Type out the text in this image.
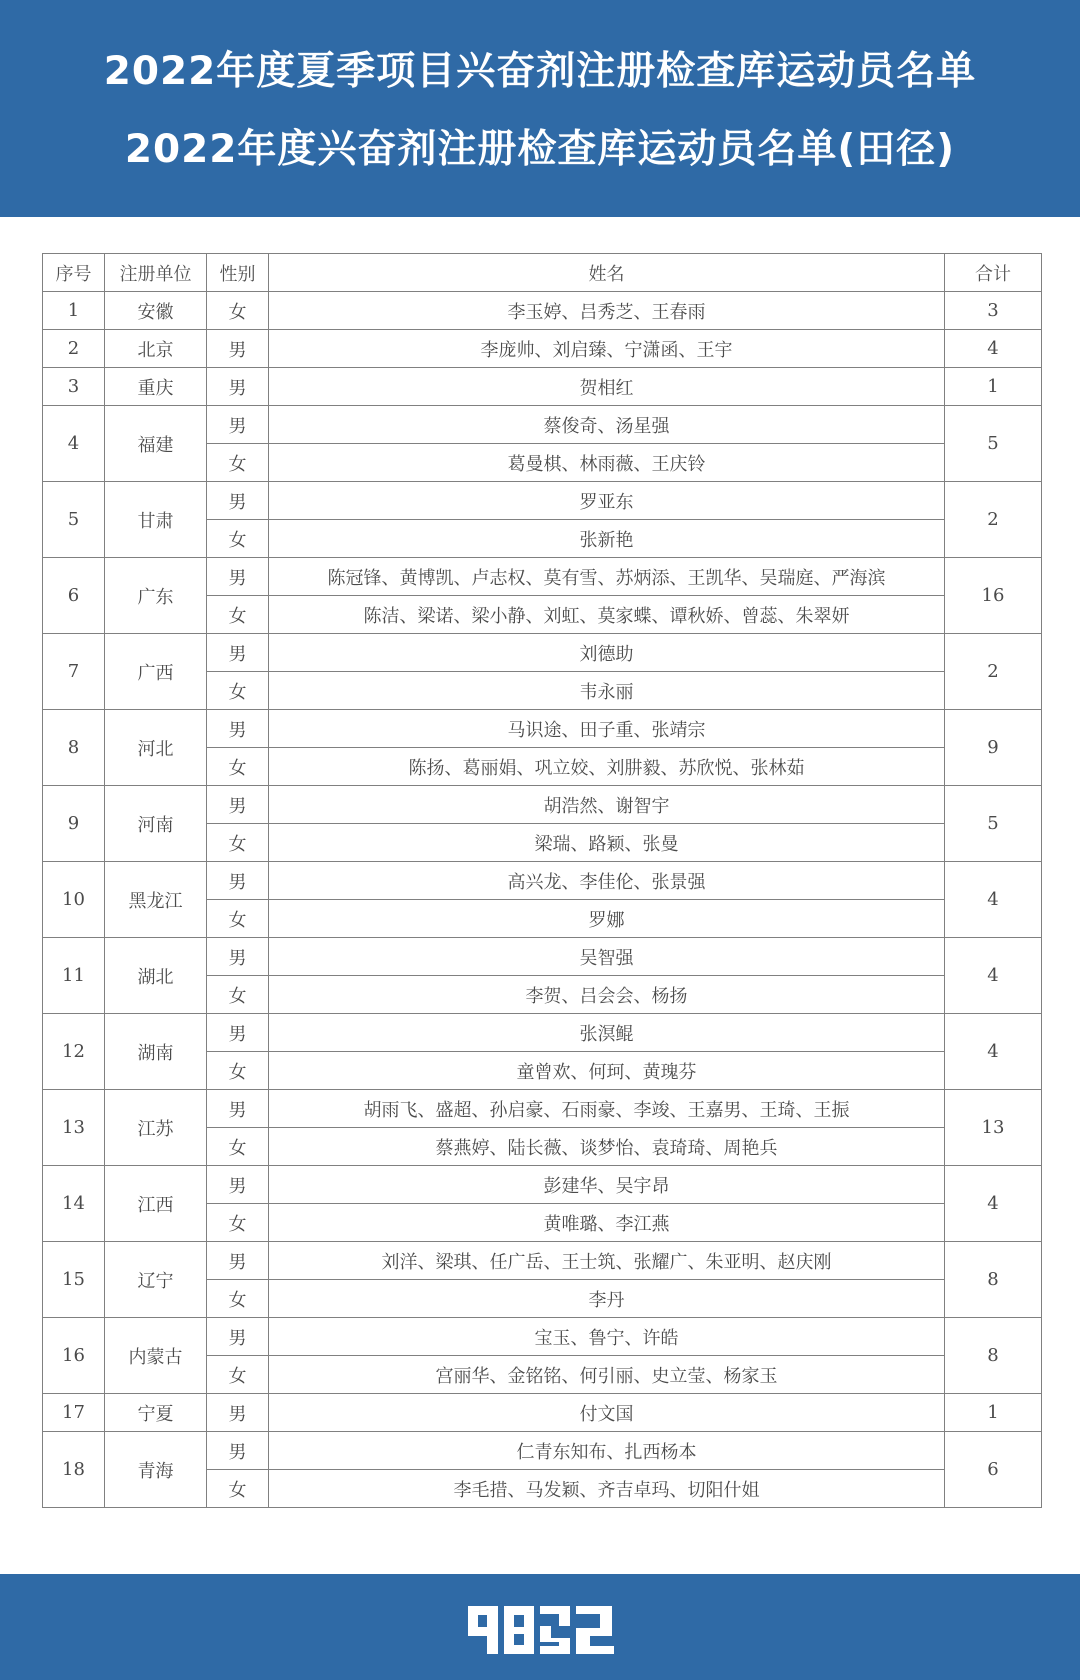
2022年度夏季项目兴奋剂注册检查库运动员名单
2022年度兴奋剂注册检查库运动员名单(田径)
序号	注册单位	性别	姓名	合计
1	安徽	女	李玉婷、吕秀芝、王春雨	3
2	北京	男	李庞帅、刘启臻、宁潇函、王宇	4
3	重庆	男	贺相红	1
4	福建	男	蔡俊奇、汤星强	5
		女	葛曼棋、林雨薇、王庆铃	
5	甘肃	男	罗亚东	2
		女	张新艳	
6	广东	男	陈冠锋、黄博凯、卢志权、莫有雪、苏炳添、王凯华、吴瑞庭、严海滨	16
		女	陈洁、梁诺、梁小静、刘虹、莫家蝶、谭秋娇、曾蕊、朱翠妍	
7	广西	男	刘德助	2
		女	韦永丽	
8	河北	男	马识途、田子重、张靖宗	9
		女	陈扬、葛丽娟、巩立姣、刘肼毅、苏欣悦、张林茹	
9	河南	男	胡浩然、谢智宇	5
		女	梁瑞、路颖、张曼	
10	黑龙江	男	高兴龙、李佳伦、张景强	4
		女	罗娜	
11	湖北	男	吴智强	4
		女	李贺、吕会会、杨扬	
12	湖南	男	张溟鲲	4
		女	童曾欢、何珂、黄瑰芬	
13	江苏	男	胡雨飞、盛超、孙启豪、石雨豪、李竣、王嘉男、王琦、王振	13
		女	蔡燕婷、陆长薇、谈梦怡、袁琦琦、周艳兵	
14	江西	男	彭建华、吴宇昂	4
		女	黄唯璐、李江燕	
15	辽宁	男	刘洋、梁琪、任广岳、王士筑、张耀广、朱亚明、赵庆刚	8
		女	李丹	
16	内蒙古	男	宝玉、鲁宁、许皓	8
		女	宫丽华、金铭铭、何引丽、史立莹、杨家玉	
17	宁夏	男	付文国	1
18	青海	男	仁青东知布、扎西杨本	6
		女	李毛措、马发颖、齐吉卓玛、切阳什姐	
